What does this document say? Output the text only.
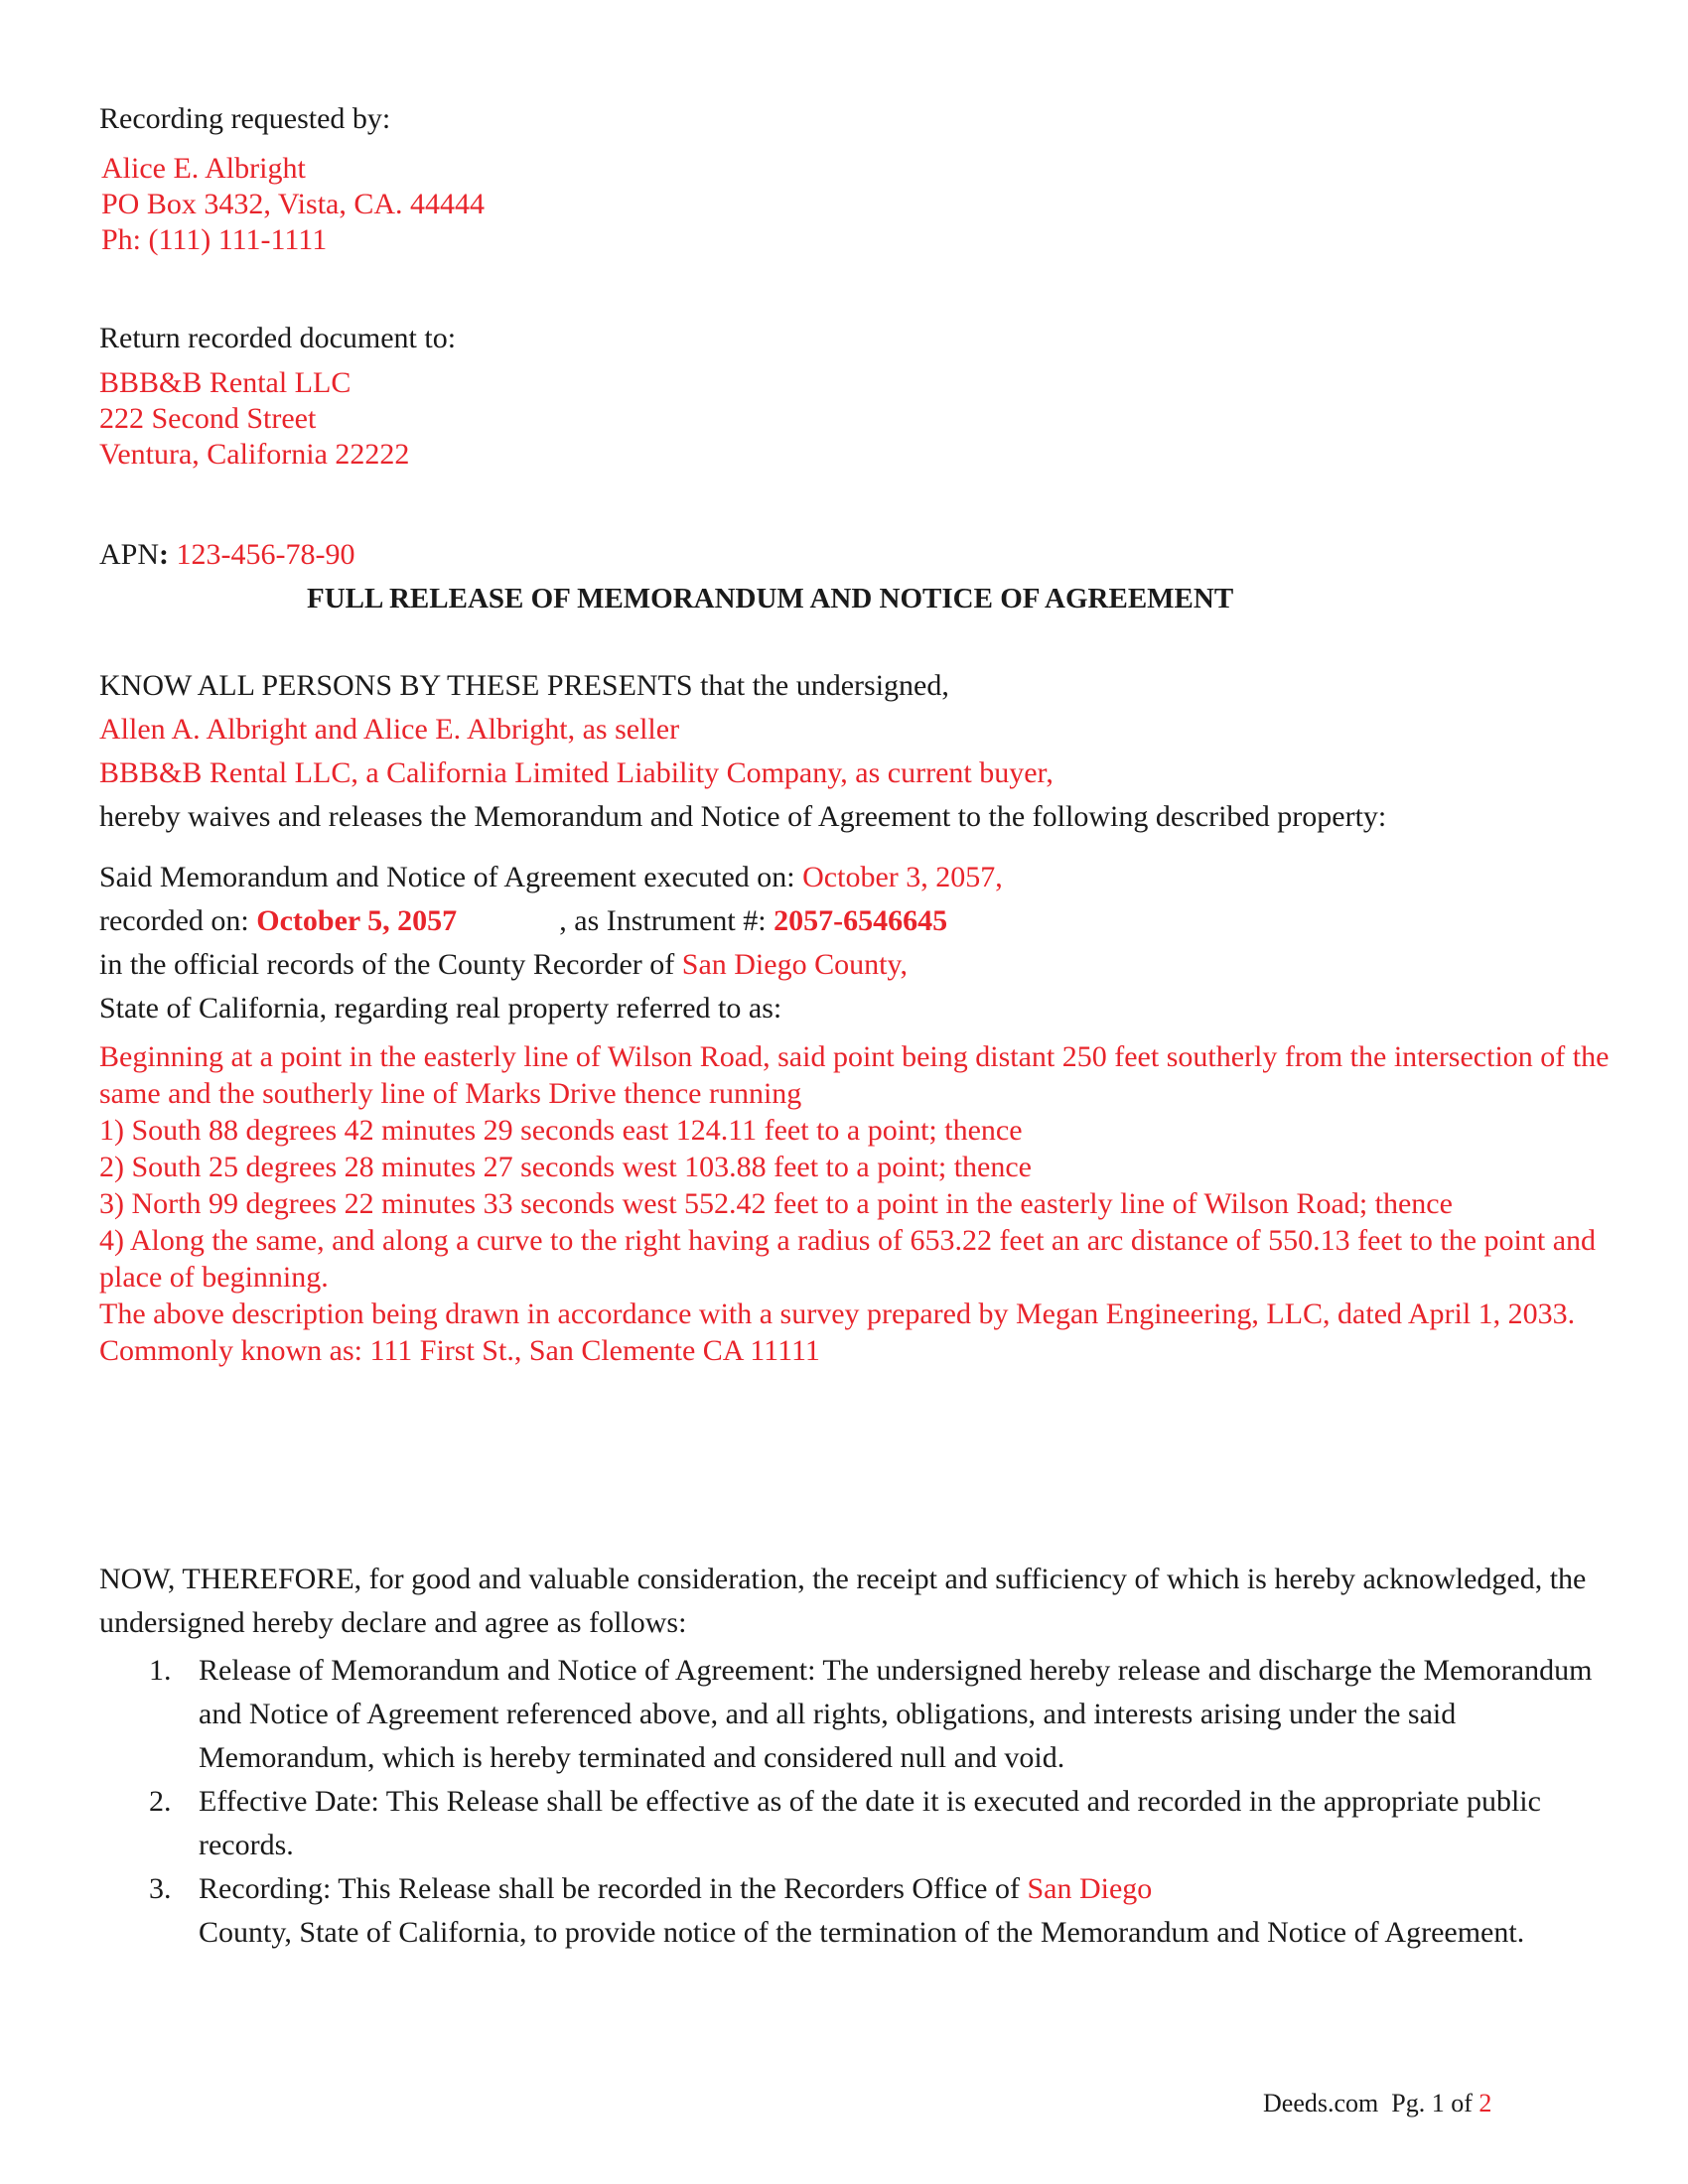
Recording requested by:
Alice E. Albright
PO Box 3432, Vista, CA. 44444
Ph: (111) 111-1111
Return recorded document to:
BBB&B Rental LLC
222 Second Street
Ventura, California 22222
APN: 123-456-78-90
FULL RELEASE OF MEMORANDUM AND NOTICE OF AGREEMENT
KNOW ALL PERSONS BY THESE PRESENTS that the undersigned,
Allen A. Albright and Alice E. Albright, as seller
BBB&B Rental LLC, a California Limited Liability Company, as current buyer,
hereby waives and releases the Memorandum and Notice of Agreement to the following described property:
Said Memorandum and Notice of Agreement executed on: October 3, 2057,
recorded on: October 5, 2057	, as Instrument #: 2057-6546645
in the official records of the County Recorder of San Diego County,
State of California, regarding real property referred to as:
Beginning at a point in the easterly line of Wilson Road, said point being distant 250 feet southerly from the intersection of the same and the southerly line of Marks Drive thence running
1) South 88 degrees 42 minutes 29 seconds east 124.11 feet to a point; thence
2) South 25 degrees 28 minutes 27 seconds west 103.88 feet to a point; thence
3) North 99 degrees 22 minutes 33 seconds west 552.42 feet to a point in the easterly line of Wilson Road; thence
4) Along the same, and along a curve to the right having a radius of 653.22 feet an arc distance of 550.13 feet to the point and place of beginning.
The above description being drawn in accordance with a survey prepared by Megan Engineering, LLC, dated April 1, 2033.
Commonly known as: 111 First St., San Clemente CA 11111
NOW, THEREFORE, for good and valuable consideration, the receipt and sufficiency of which is hereby acknowledged, the undersigned hereby declare and agree as follows:
1. Release of Memorandum and Notice of Agreement: The undersigned hereby release and discharge the Memorandum and Notice of Agreement referenced above, and all rights, obligations, and interests arising under the said Memorandum, which is hereby terminated and considered null and void.
2. Effective Date: This Release shall be effective as of the date it is executed and recorded in the appropriate public records.
3. Recording: This Release shall be recorded in the Recorders Office of San Diego
County, State of California, to provide notice of the termination of the Memorandum and Notice of Agreement.
Deeds.com Pg. 1 of 2
